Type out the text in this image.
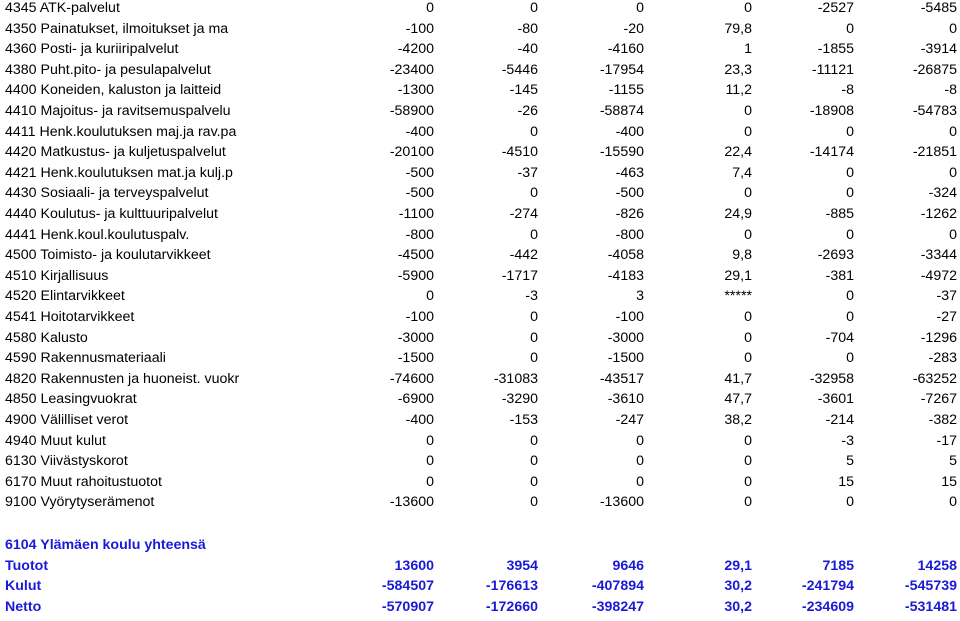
4345 ATK-palvelut	0	0	0	0	-2527	-5485
4350 Painatukset, ilmoitukset ja ma	-100	-80	-20	79,8	0	0
4360 Posti- ja kuriiripalvelut	-4200	-40	-4160	1	-1855	-3914
4380 Puht.pito- ja pesulapalvelut	-23400	-5446	-17954	23,3	-11121	-26875
4400 Koneiden, kaluston ja laitteid	-1300	-145	-1155	11,2	-8	-8
4410 Majoitus- ja ravitsemuspalvelu	-58900	-26	-58874	0	-18908	-54783
4411 Henk.koulutuksen maj.ja rav.pa	-400	0	-400	0	0	0
4420 Matkustus- ja kuljetuspalvelut	-20100	-4510	-15590	22,4	-14174	-21851
4421 Henk.koulutuksen mat.ja kulj.p	-500	-37	-463	7,4	0	0
4430 Sosiaali- ja terveyspalvelut	-500	0	-500	0	0	-324
4440 Koulutus- ja kulttuuripalvelut	-1100	-274	-826	24,9	-885	-1262
4441 Henk.koul.koulutuspalv.	-800	0	-800	0	0	0
4500 Toimisto- ja koulutarvikkeet	-4500	-442	-4058	9,8	-2693	-3344
4510 Kirjallisuus	-5900	-1717	-4183	29,1	-381	-4972
4520 Elintarvikkeet	0	-3	3	*****	0	-37
4541 Hoitotarvikkeet	-100	0	-100	0	0	-27
4580 Kalusto	-3000	0	-3000	0	-704	-1296
4590 Rakennusmateriaali	-1500	0	-1500	0	0	-283
4820 Rakennusten ja huoneist. vuokr	-74600	-31083	-43517	41,7	-32958	-63252
4850 Leasingvuokrat	-6900	-3290	-3610	47,7	-3601	-7267
4900 Välilliset verot	-400	-153	-247	38,2	-214	-382
4940 Muut kulut	0	0	0	0	-3	-17
6130 Viivästyskorot	0	0	0	0	5	5
6170 Muut rahoitustuotot	0	0	0	0	15	15
9100 Vyörytyserämenot	-13600	0	-13600	0	0	0
6104 Ylämäen koulu yhteensä
Tuotot	13600	3954	9646	29,1	7185	14258
Kulut	-584507	-176613	-407894	30,2	-241794	-545739
Netto	-570907	-172660	-398247	30,2	-234609	-531481
